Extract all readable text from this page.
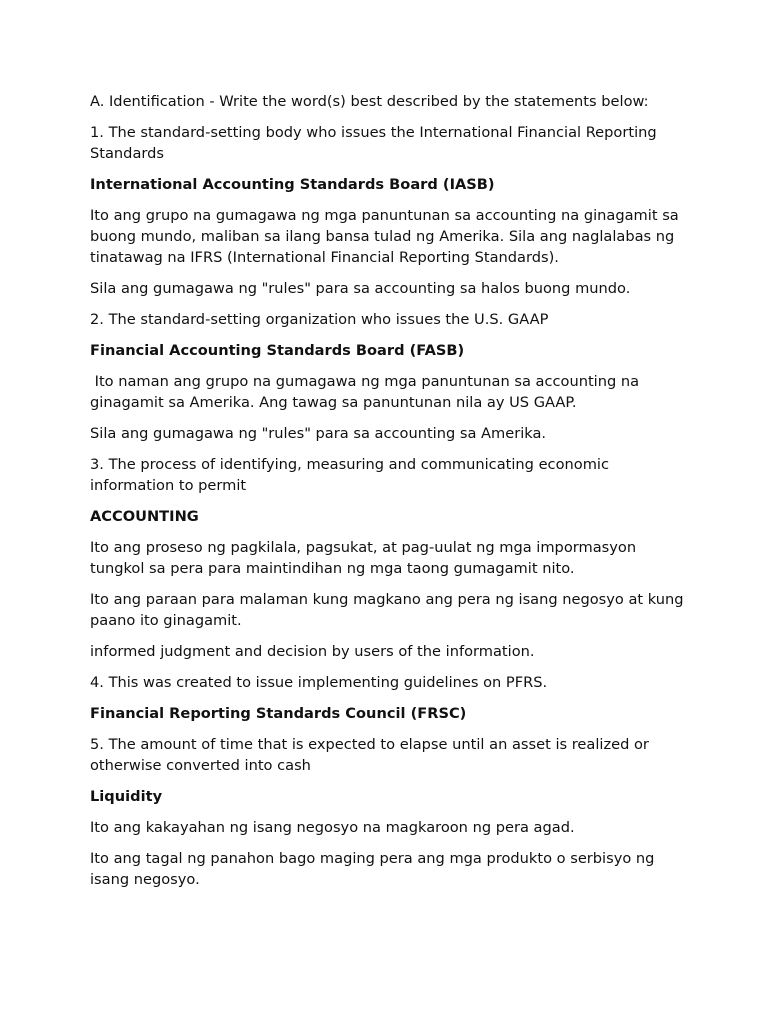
A. Identification - Write the word(s) best described by the statements below:

1. The standard-setting body who issues the International Financial Reporting Standards

International Accounting Standards Board (IASB)

Ito ang grupo na gumagawa ng mga panuntunan sa accounting na ginagamit sa buong mundo, maliban sa ilang bansa tulad ng Amerika. Sila ang naglalabas ng tinatawag na IFRS (International Financial Reporting Standards).

Sila ang gumagawa ng "rules" para sa accounting sa halos buong mundo.

2. The standard-setting organization who issues the U.S. GAAP

Financial Accounting Standards Board (FASB)

Ito naman ang grupo na gumagawa ng mga panuntunan sa accounting na ginagamit sa Amerika. Ang tawag sa panuntunan nila ay US GAAP.

Sila ang gumagawa ng "rules" para sa accounting sa Amerika.

3. The process of identifying, measuring and communicating economic information to permit

ACCOUNTING

Ito ang proseso ng pagkilala, pagsukat, at pag-uulat ng mga impormasyon tungkol sa pera para maintindihan ng mga taong gumagamit nito.

Ito ang paraan para malaman kung magkano ang pera ng isang negosyo at kung paano ito ginagamit.

informed judgment and decision by users of the information.

4. This was created to issue implementing guidelines on PFRS.

Financial Reporting Standards Council (FRSC)

5. The amount of time that is expected to elapse until an asset is realized or otherwise converted into cash

Liquidity

Ito ang kakayahan ng isang negosyo na magkaroon ng pera agad.

Ito ang tagal ng panahon bago maging pera ang mga produkto o serbisyo ng isang negosyo.
